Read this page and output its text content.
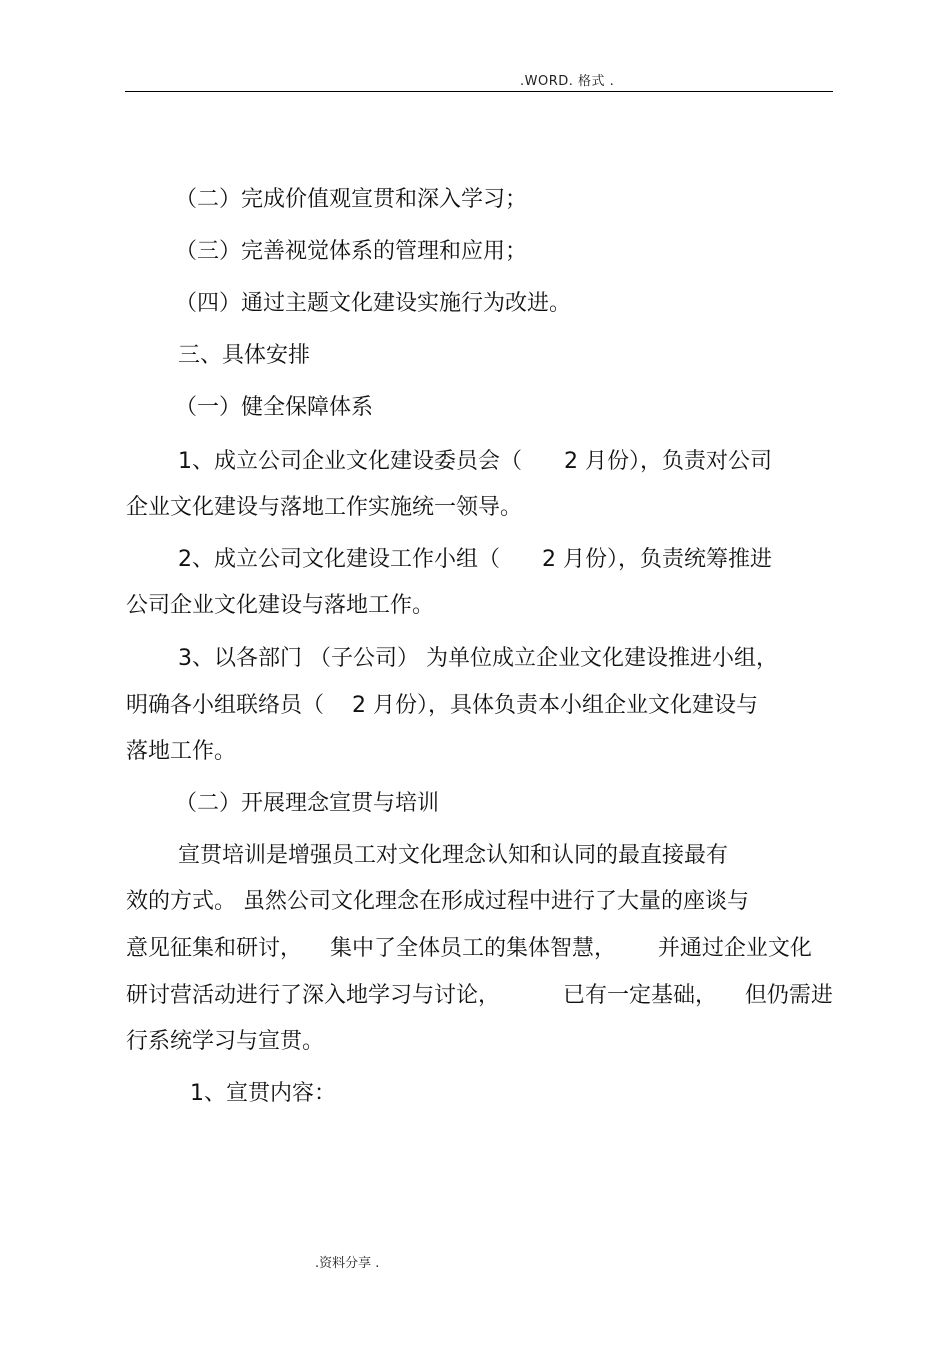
.WORD. 格式 .
（二）完成价值观宣贯和深入学习；
（三）完善视觉体系的管理和应用；
（四）通过主题文化建设实施行为改进。
三、具体安排
（一）健全保障体系
1、成立公司企业文化建设委员会（      2 月份），负责对公司
企业文化建设与落地工作实施统一领导。
2、成立公司文化建设工作小组（      2 月份），负责统筹推进
公司企业文化建设与落地工作。
3、以各部门 （子公司） 为单位成立企业文化建设推进小组，
明确各小组联络员（    2 月份），具体负责本小组企业文化建设与
落地工作。
（二）开展理念宣贯与培训
宣贯培训是增强员工对文化理念认知和认同的最直接最有
效的方式。 虽然公司文化理念在形成过程中进行了大量的座谈与
意见征集和研讨，    集中了全体员工的集体智慧，      并通过企业文化
研讨营活动进行了深入地学习与讨论，         已有一定基础，    但仍需进
行系统学习与宣贯。
1、宣贯内容：
.资料分享 .
